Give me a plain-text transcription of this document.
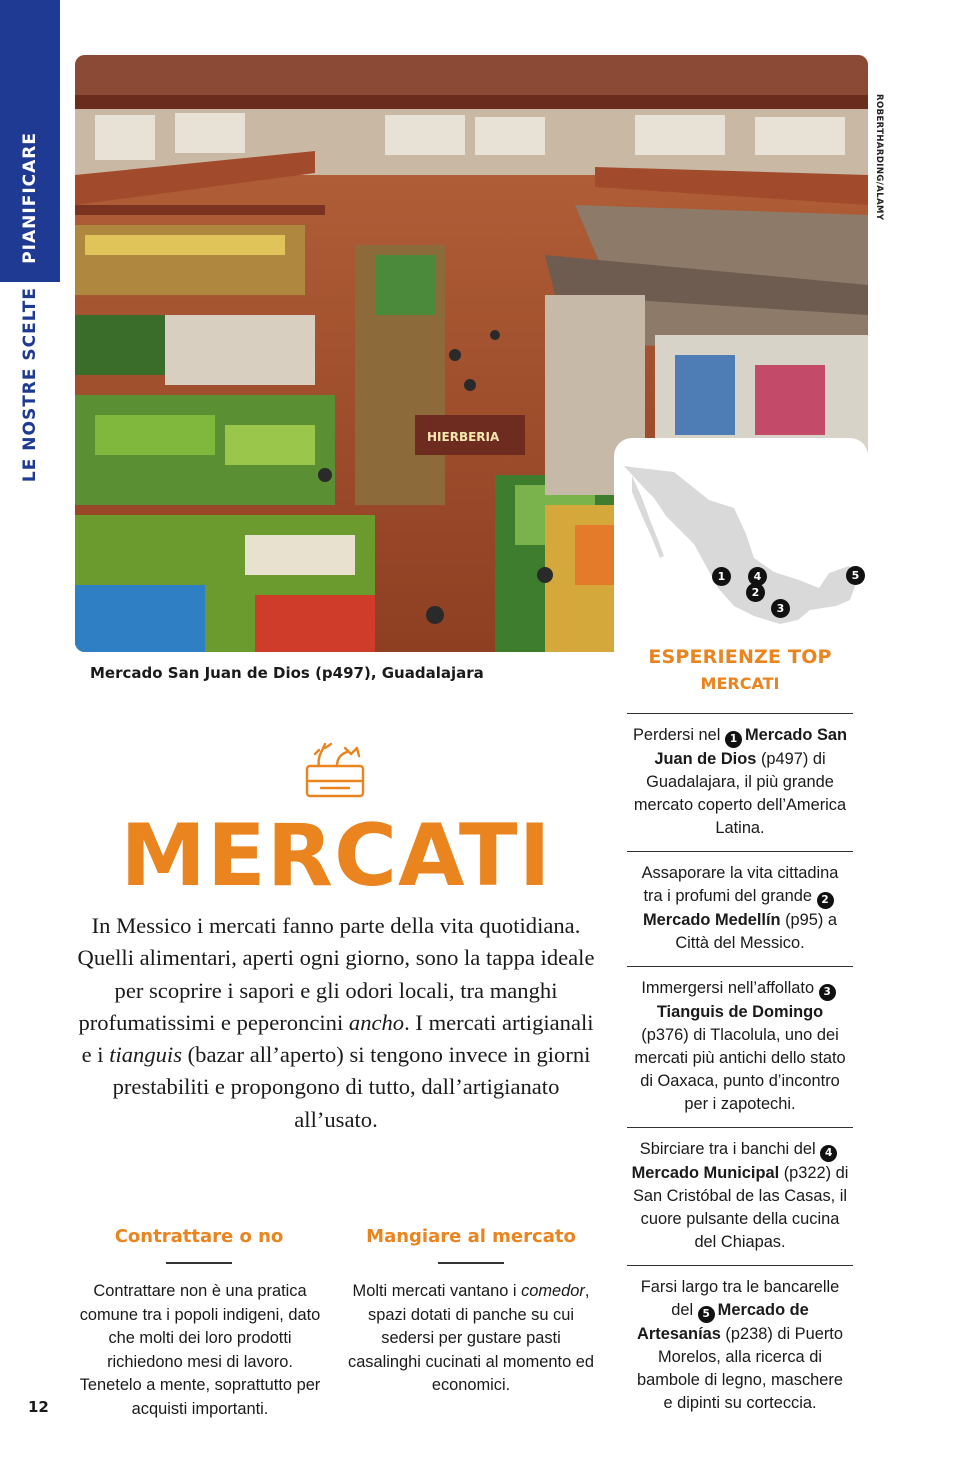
PIANIFICARE
LE NOSTRE SCELTE	HIERBERIA
ROBERTHARDING/ALAMY
1	4
2
3
5
Mercado San Juan de Dios (p497), Guadalajara
ESPERIENZE TOP
MERCATI
Perdersi nel 1 Mercado San Juan de Dios (p497) di Guadalajara, il più grande mercato coperto dell’America Latina.
Assaporare la vita cittadina tra i profumi del grande 2Mercado Medellín (p95) a Città del Messico.
Immergersi nell’affollato 3Tianguis de Domingo (p376) di Tlacolula, uno dei mercati più antichi dello stato di Oaxaca, punto d’incontro per i zapotechi.
Sbirciare tra i banchi del 4Mercado Municipal (p322) di San Cristóbal de las Casas, il cuore pulsante della cucina del Chiapas.
Farsi largo tra le bancarelle del 5 Mercado de Artesanías (p238) di Puerto Morelos, alla ricerca di bambole di legno, maschere e dipinti su corteccia.
MERCATI

In Messico i mercati fanno parte della vita quotidiana. Quelli alimentari, aperti ogni giorno, sono la tappa ideale per scoprire i sapori e gli odori locali, tra manghi profumatissimi e peperoncini ancho. I mercati artigianali e i tianguis (bazar all’aperto) si tengono invece in giorni prestabiliti e propongono di tutto, dall’artigianato all’usato.

Contrattare o no

Contrattare non è una pratica comune tra i popoli indigeni, dato che molti dei loro prodotti richiedono mesi di lavoro. Tenetelo a mente, soprattutto per acquisti importanti.

Mangiare al mercato

Molti mercati vantano i comedor, spazi dotati di panche su cui sedersi per gustare pasti casalinghi cucinati al momento ed economici.

12
